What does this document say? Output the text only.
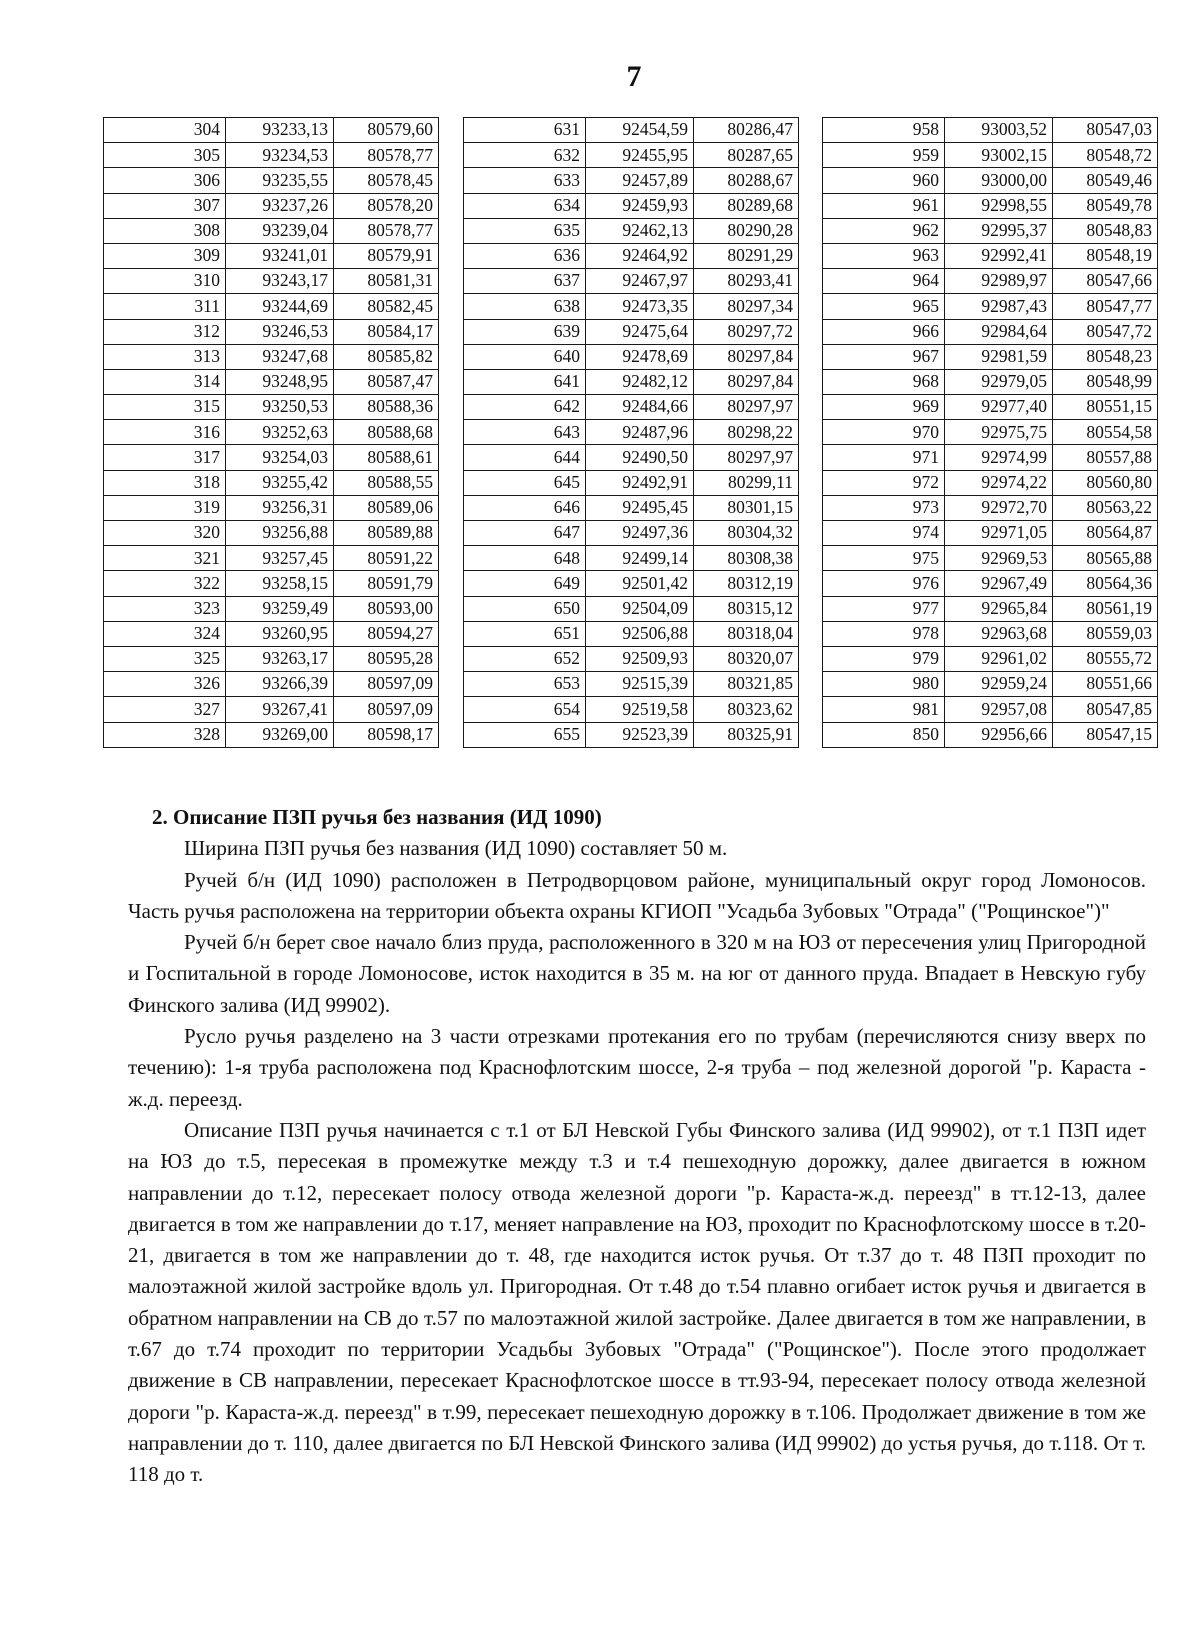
7
304	93233,13	80579,60
305	93234,53	80578,77
306	93235,55	80578,45
307	93237,26	80578,20
308	93239,04	80578,77
309	93241,01	80579,91
310	93243,17	80581,31
311	93244,69	80582,45
312	93246,53	80584,17
313	93247,68	80585,82
314	93248,95	80587,47
315	93250,53	80588,36
316	93252,63	80588,68
317	93254,03	80588,61
318	93255,42	80588,55
319	93256,31	80589,06
320	93256,88	80589,88
321	93257,45	80591,22
322	93258,15	80591,79
323	93259,49	80593,00
324	93260,95	80594,27
325	93263,17	80595,28
326	93266,39	80597,09
327	93267,41	80597,09
328	93269,00	80598,17
631	92454,59	80286,47
632	92455,95	80287,65
633	92457,89	80288,67
634	92459,93	80289,68
635	92462,13	80290,28
636	92464,92	80291,29
637	92467,97	80293,41
638	92473,35	80297,34
639	92475,64	80297,72
640	92478,69	80297,84
641	92482,12	80297,84
642	92484,66	80297,97
643	92487,96	80298,22
644	92490,50	80297,97
645	92492,91	80299,11
646	92495,45	80301,15
647	92497,36	80304,32
648	92499,14	80308,38
649	92501,42	80312,19
650	92504,09	80315,12
651	92506,88	80318,04
652	92509,93	80320,07
653	92515,39	80321,85
654	92519,58	80323,62
655	92523,39	80325,91
958	93003,52	80547,03
959	93002,15	80548,72
960	93000,00	80549,46
961	92998,55	80549,78
962	92995,37	80548,83
963	92992,41	80548,19
964	92989,97	80547,66
965	92987,43	80547,77
966	92984,64	80547,72
967	92981,59	80548,23
968	92979,05	80548,99
969	92977,40	80551,15
970	92975,75	80554,58
971	92974,99	80557,88
972	92974,22	80560,80
973	92972,70	80563,22
974	92971,05	80564,87
975	92969,53	80565,88
976	92967,49	80564,36
977	92965,84	80561,19
978	92963,68	80559,03
979	92961,02	80555,72
980	92959,24	80551,66
981	92957,08	80547,85
850	92956,66	80547,15

2. Описание ПЗП ручья без названия (ИД 1090)

Ширина ПЗП ручья без названия (ИД 1090) составляет 50 м.

Ручей б/н (ИД 1090) расположен в Петродворцовом районе, муниципальный округ город Ломоносов. Часть ручья расположена на территории объекта охраны КГИОП "Усадьба Зубовых "Отрада" ("Рощинское")"

Ручей б/н берет свое начало близ пруда, расположенного в 320 м на ЮЗ от пересечения улиц Пригородной и Госпитальной в городе Ломоносове, исток находится в 35 м. на юг от данного пруда. Впадает в Невскую губу Финского залива (ИД 99902).

Русло ручья разделено на 3 части отрезками протекания его по трубам (перечисляются снизу вверх по течению): 1-я труба расположена под Краснофлотским шоссе, 2-я труба – под железной дорогой "р. Караста - ж.д. переезд.

Описание ПЗП ручья начинается с т.1 от БЛ Невской Губы Финского залива (ИД 99902), от т.1 ПЗП идет на ЮЗ до т.5, пересекая в промежутке между т.3 и т.4 пешеходную дорожку, далее двигается в южном направлении до т.12, пересекает полосу отвода железной дороги "р. Караста-ж.д. переезд" в тт.12-13, далее двигается в том же направлении до т.17, меняет направление на ЮЗ, проходит по Краснофлотскому шоссе в т.20-21, двигается в том же направлении до т. 48, где находится исток ручья. От т.37 до т. 48 ПЗП проходит по малоэтажной жилой застройке вдоль ул. Пригородная. От т.48 до т.54 плавно огибает исток ручья и двигается в обратном направлении на СВ до т.57 по малоэтажной жилой застройке. Далее двигается в том же направлении, в т.67 до т.74 проходит по территории Усадьбы Зубовых "Отрада" ("Рощинское"). После этого продолжает движение в СВ направлении, пересекает Краснофлотское шоссе в тт.93-94, пересекает полосу отвода железной дороги "р. Караста-ж.д. переезд" в т.99, пересекает пешеходную дорожку в т.106. Продолжает движение в том же направлении до т. 110, далее двигается по БЛ Невской Финского залива (ИД 99902) до устья ручья, до т.118. От т. 118 до т.
